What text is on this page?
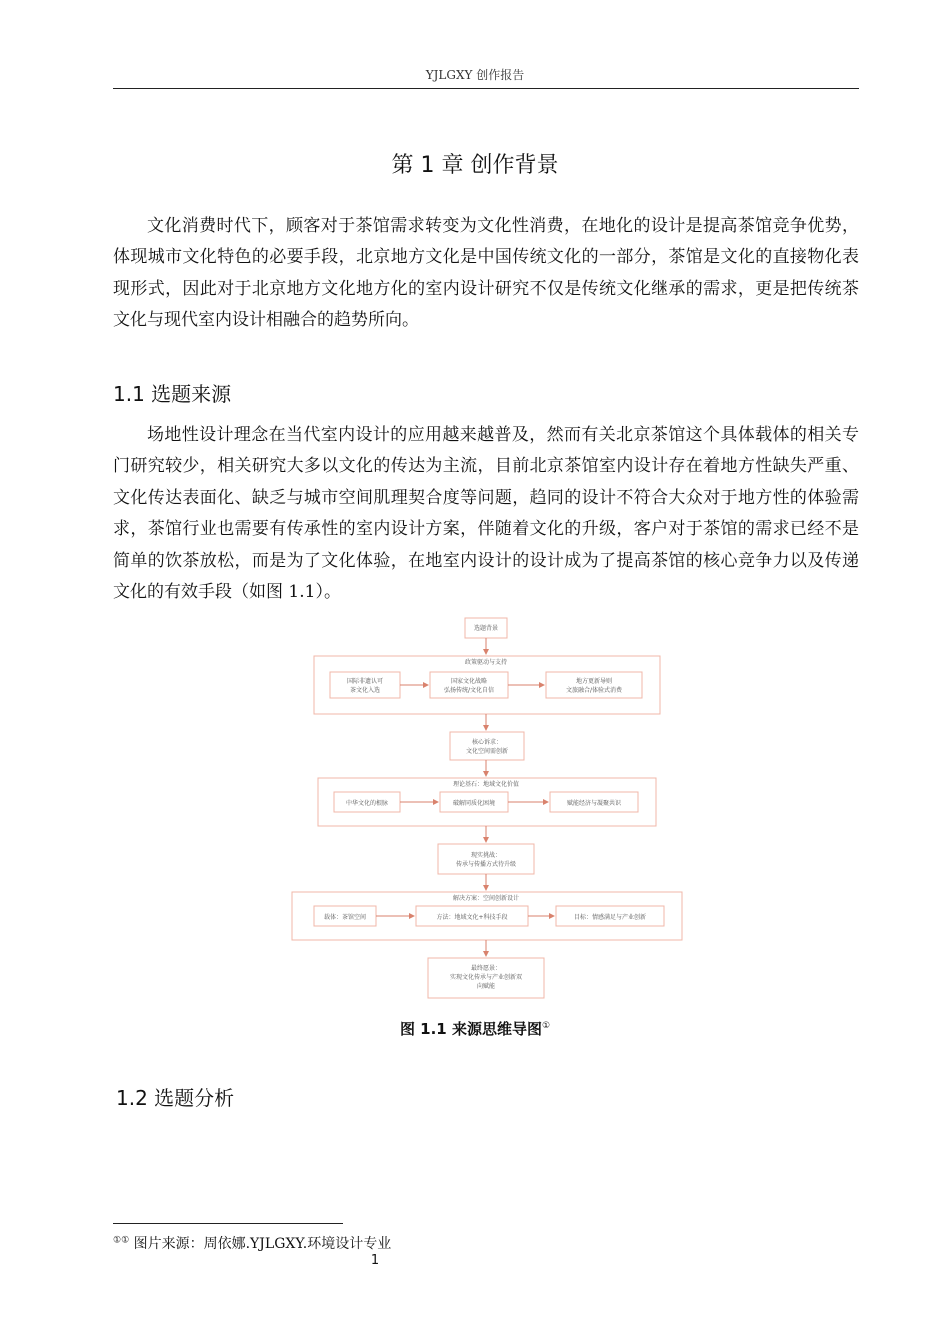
YJLGXY 创作报告
第 1 章 创作背景

文化消费时代下，顾客对于茶馆需求转变为文化性消费，在地化的设计是提高茶馆竞争优势，体现城市文化特色的必要手段，北京地方文化是中国传统文化的一部分，茶馆是文化的直接物化表现形式，因此对于北京地方文化地方化的室内设计研究不仅是传统文化继承的需求，更是把传统茶文化与现代室内设计相融合的趋势所向。

1.1 选题来源

场地性设计理念在当代室内设计的应用越来越普及，然而有关北京茶馆这个具体载体的相关专门研究较少，相关研究大多以文化的传达为主流，目前北京茶馆室内设计存在着地方性缺失严重、文化传达表面化、缺乏与城市空间肌理契合度等问题，趋同的设计不符合大众对于地方性的体验需求，茶馆行业也需要有传承性的室内设计方案，伴随着文化的升级，客户对于茶馆的需求已经不是简单的饮茶放松，而是为了文化体验，在地室内设计的设计成为了提高茶馆的核心竞争力以及传递文化的有效手段（如图 1.1）。

选题背景
政策驱动与支持
国际非遗认可
茶文化入选
国家文化战略
弘扬传统/文化自信
地方更新导则
文旅融合/体验式消费
核心诉求：
文化空间需创新
理论基石：地域文化价值
中华文化的根脉	破解同质化困境	赋能经济与凝聚共识
现实挑战：
传承与传播方式待升级
解决方案：空间创新设计
载体：茶馆空间	方法：地域文化+科技手段	目标：情感满足与产业创新
最终愿景：
实现文化传承与产业创新双
向赋能
图 1.1 来源思维导图①
1.2 选题分析
①① 图片来源：周依娜.YJLGXY.环境设计专业
1
